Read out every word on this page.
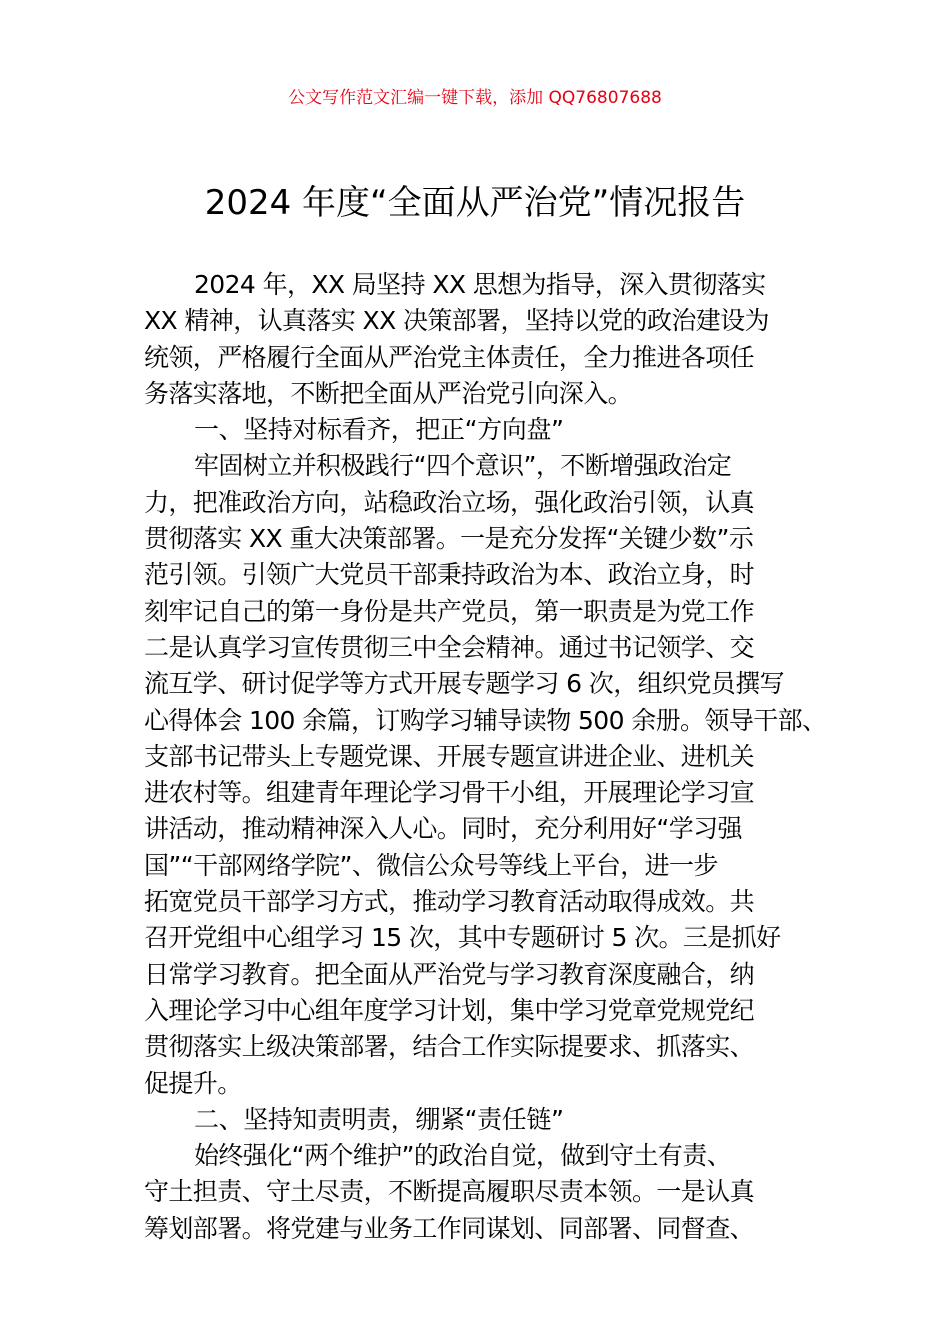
公文写作范文汇编一键下载，添加 QQ76807688
2024 年度“全面从严治党”情况报告
2024 年，XX 局坚持 XX 思想为指导，深入贯彻落实
XX 精神，认真落实 XX 决策部署，坚持以党的政治建设为
统领，严格履行全面从严治党主体责任，全力推进各项任
务落实落地，不断把全面从严治党引向深入。
一、坚持对标看齐，把正“方向盘”
牢固树立并积极践行“四个意识”，不断增强政治定
力，把准政治方向，站稳政治立场，强化政治引领，认真
贯彻落实 XX 重大决策部署。一是充分发挥“关键少数”示
范引领。引领广大党员干部秉持政治为本、政治立身，时
刻牢记自己的第一身份是共产党员，第一职责是为党工作
二是认真学习宣传贯彻三中全会精神。通过书记领学、交
流互学、研讨促学等方式开展专题学习 6 次，组织党员撰写
心得体会 100 余篇，订购学习辅导读物 500 余册。领导干部、
支部书记带头上专题党课、开展专题宣讲进企业、进机关
进农村等。组建青年理论学习骨干小组，开展理论学习宣
讲活动，推动精神深入人心。同时，充分利用好“学习强
国”“干部网络学院”、微信公众号等线上平台，进一步
拓宽党员干部学习方式，推动学习教育活动取得成效。共
召开党组中心组学习 15 次，其中专题研讨 5 次。三是抓好
日常学习教育。把全面从严治党与学习教育深度融合，纳
入理论学习中心组年度学习计划，集中学习党章党规党纪
贯彻落实上级决策部署，结合工作实际提要求、抓落实、
促提升。
二、坚持知责明责，绷紧“责任链”
始终强化“两个维护”的政治自觉，做到守土有责、
守土担责、守土尽责，不断提高履职尽责本领。一是认真
筹划部署。将党建与业务工作同谋划、同部署、同督查、
